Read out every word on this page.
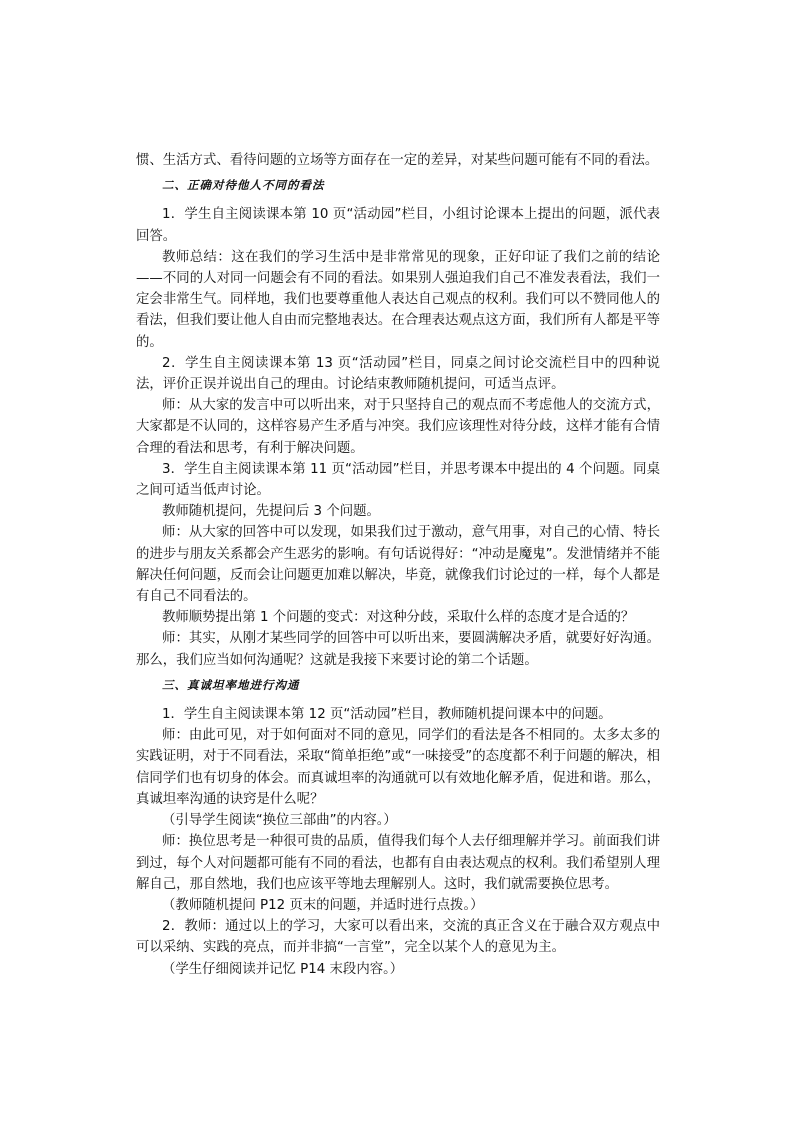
惯、生活方式、看待问题的立场等方面存在一定的差异，对某些问题可能有不同的看法。

二、正确对待他人不同的看法

1．学生自主阅读课本第 10 页“活动园”栏目，小组讨论课本上提出的问题，派代表回答。

教师总结：这在我们的学习生活中是非常常见的现象，正好印证了我们之前的结论——不同的人对同一问题会有不同的看法。如果别人强迫我们自己不准发表看法，我们一定会非常生气。同样地，我们也要尊重他人表达自己观点的权利。我们可以不赞同他人的看法，但我们要让他人自由而完整地表达。在合理表达观点这方面，我们所有人都是平等的。

2．学生自主阅读课本第 13 页“活动园”栏目，同桌之间讨论交流栏目中的四种说法，评价正误并说出自己的理由。讨论结束教师随机提问，可适当点评。

师：从大家的发言中可以听出来，对于只坚持自己的观点而不考虑他人的交流方式，大家都是不认同的，这样容易产生矛盾与冲突。我们应该理性对待分歧，这样才能有合情合理的看法和思考，有利于解决问题。

3．学生自主阅读课本第 11 页“活动园”栏目，并思考课本中提出的 4 个问题。同桌之间可适当低声讨论。

教师随机提问，先提问后 3 个问题。

师：从大家的回答中可以发现，如果我们过于激动，意气用事，对自己的心情、特长的进步与朋友关系都会产生恶劣的影响。有句话说得好：“冲动是魔鬼”。发泄情绪并不能解决任何问题，反而会让问题更加难以解决，毕竟，就像我们讨论过的一样，每个人都是有自己不同看法的。

教师顺势提出第 1 个问题的变式：对这种分歧，采取什么样的态度才是合适的？

师：其实，从刚才某些同学的回答中可以听出来，要圆满解决矛盾，就要好好沟通。那么，我们应当如何沟通呢？这就是我接下来要讨论的第二个话题。

三、真诚坦率地进行沟通

1．学生自主阅读课本第 12 页“活动园”栏目，教师随机提问课本中的问题。

师：由此可见，对于如何面对不同的意见，同学们的看法是各不相同的。太多太多的实践证明，对于不同看法，采取“简单拒绝”或“一味接受”的态度都不利于问题的解决，相信同学们也有切身的体会。而真诚坦率的沟通就可以有效地化解矛盾，促进和谐。那么，真诚坦率沟通的诀窍是什么呢？

（引导学生阅读“换位三部曲”的内容。）

师：换位思考是一种很可贵的品质，值得我们每个人去仔细理解并学习。前面我们讲到过，每个人对问题都可能有不同的看法，也都有自由表达观点的权利。我们希望别人理解自己，那自然地，我们也应该平等地去理解别人。这时，我们就需要换位思考。

（教师随机提问 P12 页末的问题，并适时进行点拨。）

2．教师：通过以上的学习，大家可以看出来，交流的真正含义在于融合双方观点中可以采纳、实践的亮点，而并非搞“一言堂”，完全以某个人的意见为主。

（学生仔细阅读并记忆 P14 末段内容。）
